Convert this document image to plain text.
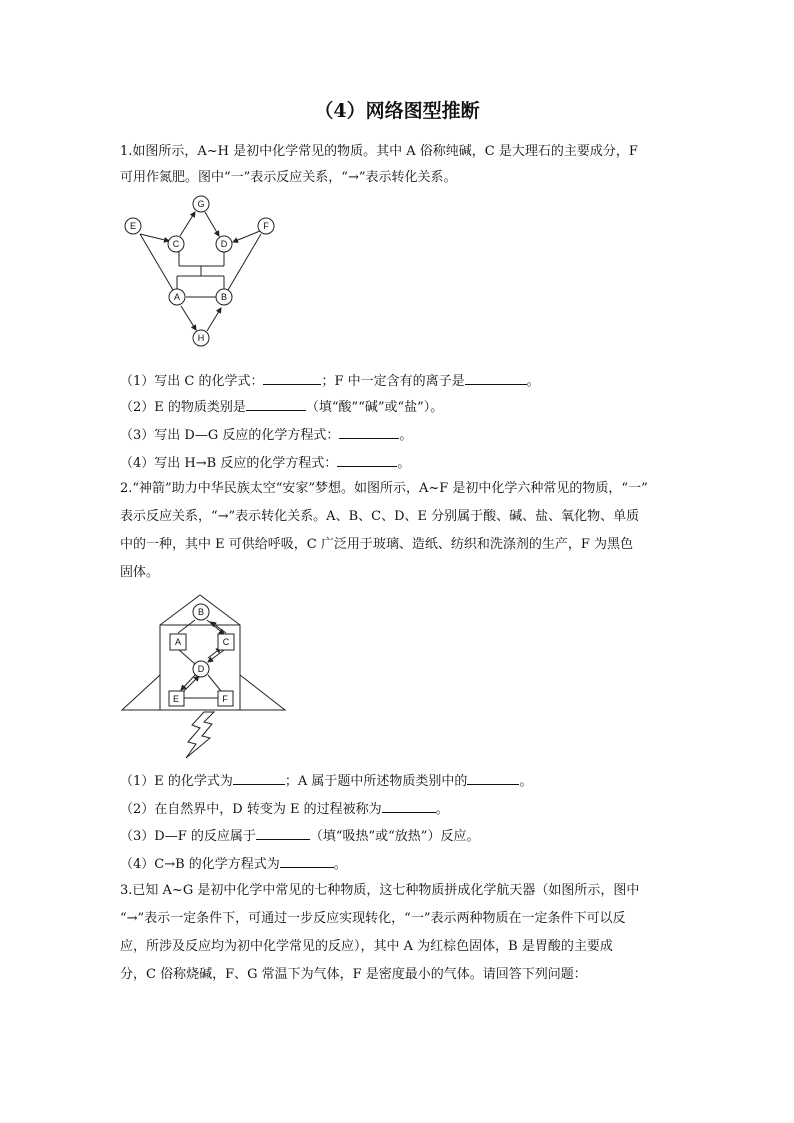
（4）网络图型推断
1.如图所示，A~H 是初中化学常见的物质。其中 A 俗称纯碱，C 是大理石的主要成分，F
可用作氮肥。图中“一”表示反应关系，“→”表示转化关系。
A	B
C	D
E	F
G
H
（1）写出 C 的化学式：	；F 中一定含有的离子是	。
（2）E 的物质类别是	（填“酸”“碱”或“盐”）。
（3）写出 D—G 反应的化学方程式：	。
（4）写出 H→B 反应的化学方程式：	。
2.“神箭”助力中华民族太空“安家”梦想。如图所示，A~F 是初中化学六种常见的物质，“一”
表示反应关系，“→”表示转化关系。A、B、C、D、E 分别属于酸、碱、盐、氧化物、单质
中的一种，其中 E 可供给呼吸，C 广泛用于玻璃、造纸、纺织和洗涤剂的生产，F 为黑色
固体。
A
B
C
D
E	F
（1）E 的化学式为	；A 属于题中所述物质类别中的	。
（2）在自然界中，D 转变为 E 的过程被称为	。
（3）D—F 的反应属于	（填“吸热”或“放热”）反应。
（4）C→B 的化学方程式为	。
3.已知 A~G 是初中化学中常见的七种物质，这七种物质拼成化学航天器（如图所示，图中
“→”表示一定条件下，可通过一步反应实现转化，“一”表示两种物质在一定条件下可以反
应，所涉及反应均为初中化学常见的反应），其中 A 为红棕色固体，B 是胃酸的主要成
分，C 俗称烧碱，F、G 常温下为气体，F 是密度最小的气体。请回答下列问题：
